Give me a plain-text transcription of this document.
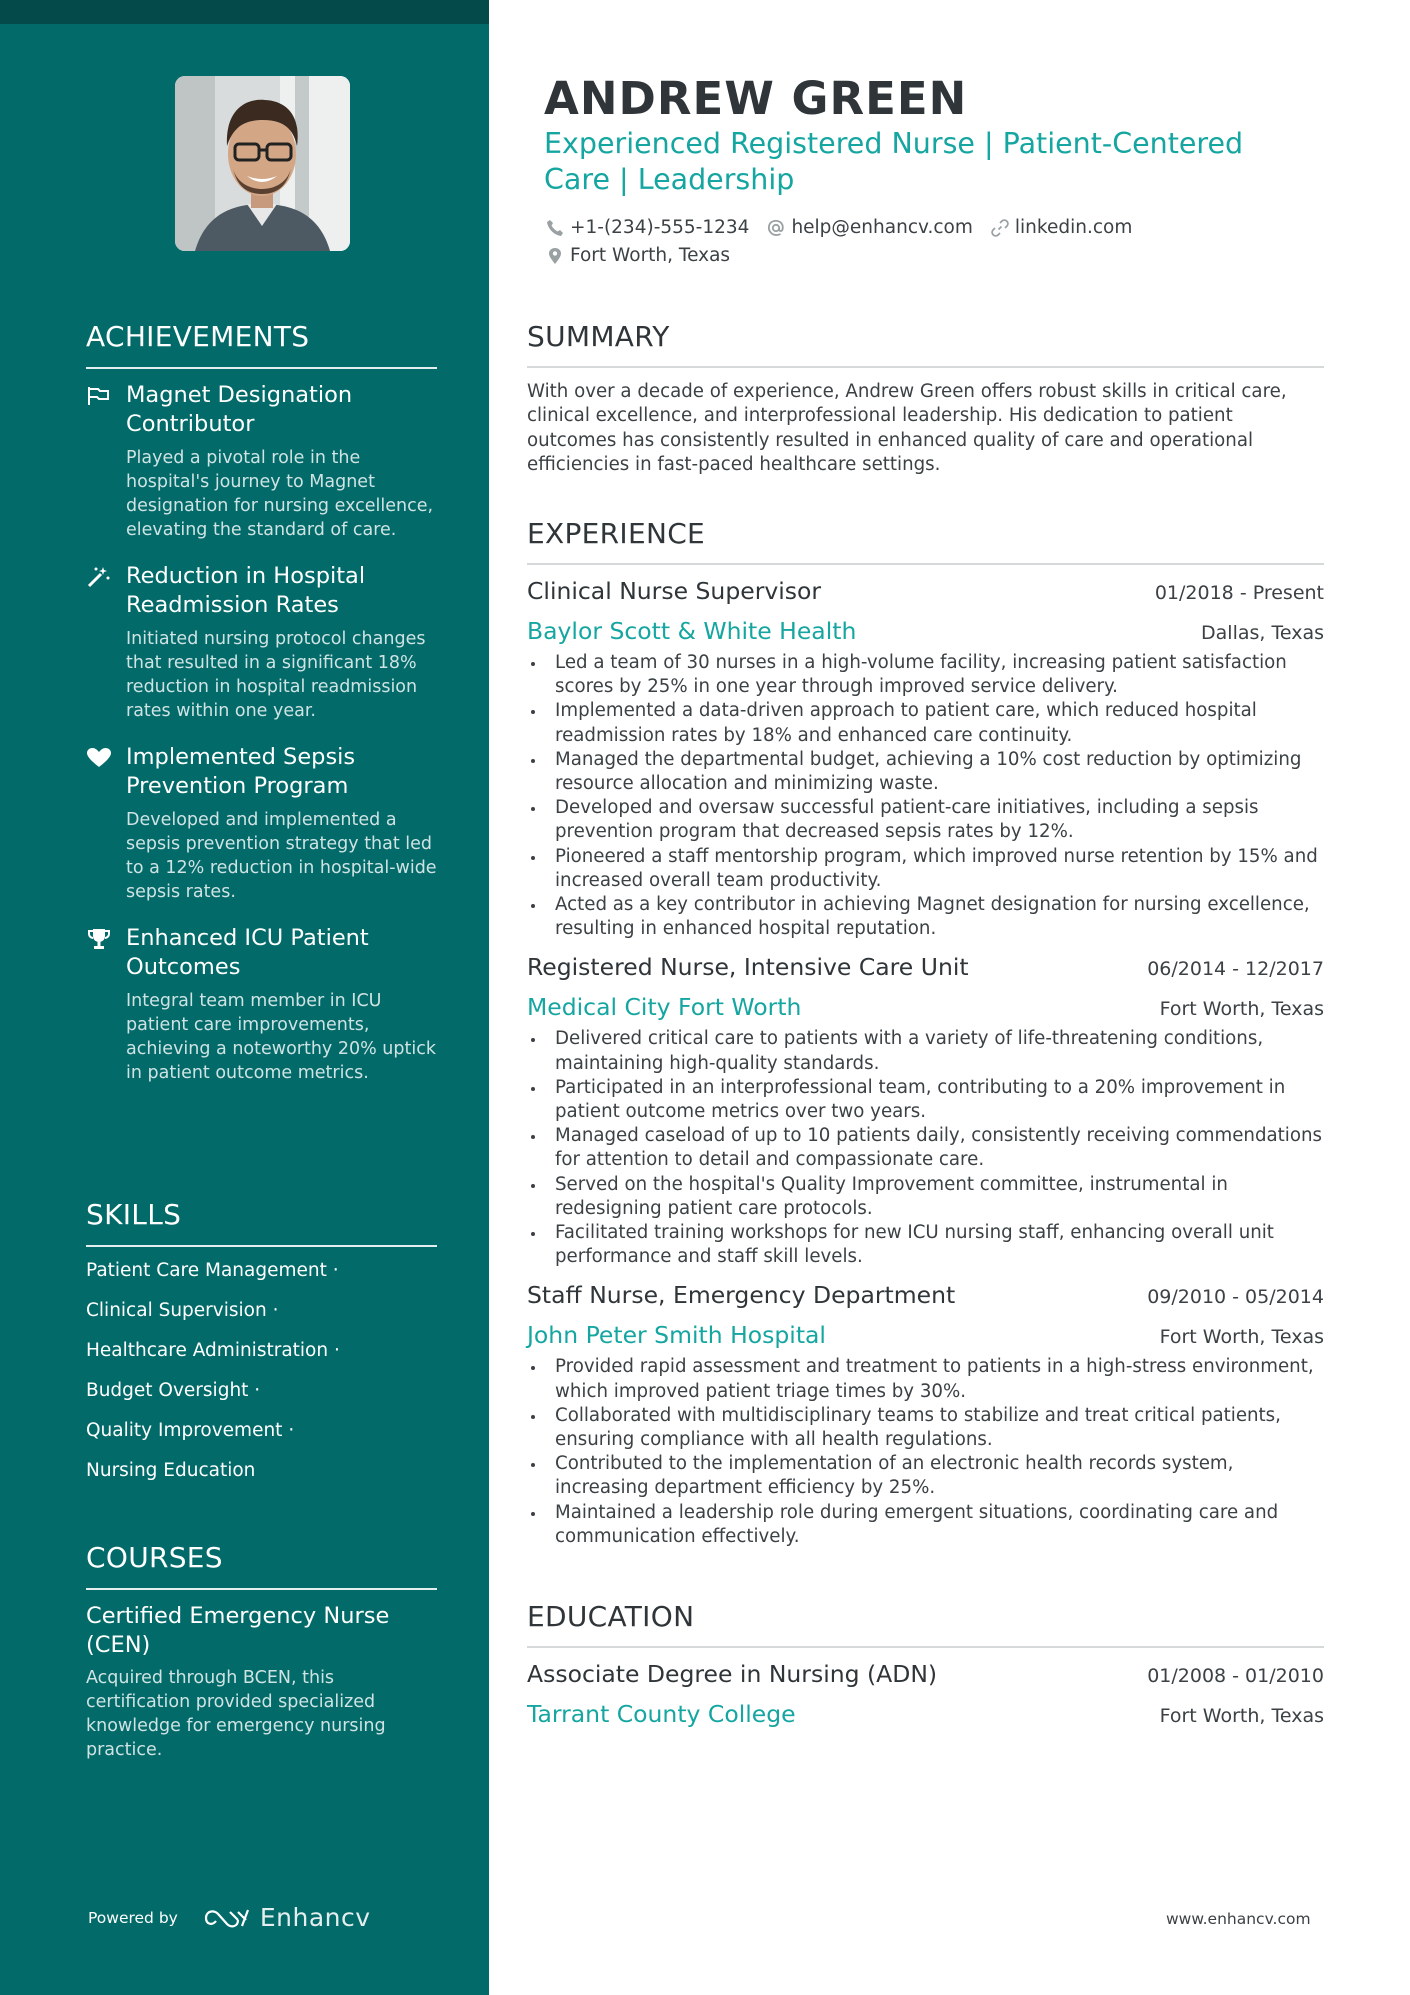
ACHIEVEMENTS
Magnet Designation Contributor
Played a pivotal role in the hospital's journey to Magnet designation for nursing excellence, elevating the standard of care.
Reduction in Hospital Readmission Rates
Initiated nursing protocol changes that resulted in a significant 18% reduction in hospital readmission rates within one year.
Implemented Sepsis Prevention Program
Developed and implemented a sepsis prevention strategy that led to a 12% reduction in hospital-wide sepsis rates.
Enhanced ICU Patient Outcomes
Integral team member in ICU patient care improvements, achieving a noteworthy 20% uptick in patient outcome metrics.
SKILLS
Patient Care Management ·
Clinical Supervision ·
Healthcare Administration ·
Budget Oversight ·
Quality Improvement ·
Nursing Education
COURSES
Certified Emergency Nurse (CEN)
Acquired through BCEN, this certification provided specialized knowledge for emergency nursing practice.
Powered by	Enhancv
ANDREW GREEN
Experienced Registered Nurse | Patient-Centered Care | Leadership
+1-(234)-555-1234 help@enhancv.com linkedin.com
Fort Worth, Texas
SUMMARY

With over a decade of experience, Andrew Green offers robust skills in critical care, clinical excellence, and interprofessional leadership. His dedication to patient outcomes has consistently resulted in enhanced quality of care and operational efficiencies in fast-paced healthcare settings.

EXPERIENCE
Clinical Nurse Supervisor	01/2018 - Present
Baylor Scott & White Health	Dallas, Texas
Led a team of 30 nurses in a high-volume facility, increasing patient satisfaction scores by 25% in one year through improved service delivery.
Implemented a data-driven approach to patient care, which reduced hospital readmission rates by 18% and enhanced care continuity.
Managed the departmental budget, achieving a 10% cost reduction by optimizing resource allocation and minimizing waste.
Developed and oversaw successful patient-care initiatives, including a sepsis prevention program that decreased sepsis rates by 12%.
Pioneered a staff mentorship program, which improved nurse retention by 15% and increased overall team productivity.
Acted as a key contributor in achieving Magnet designation for nursing excellence, resulting in enhanced hospital reputation.
Registered Nurse, Intensive Care Unit	06/2014 - 12/2017
Medical City Fort Worth	Fort Worth, Texas
Delivered critical care to patients with a variety of life-threatening conditions, maintaining high-quality standards.
Participated in an interprofessional team, contributing to a 20% improvement in patient outcome metrics over two years.
Managed caseload of up to 10 patients daily, consistently receiving commendations for attention to detail and compassionate care.
Served on the hospital's Quality Improvement committee, instrumental in redesigning patient care protocols.
Facilitated training workshops for new ICU nursing staff, enhancing overall unit performance and staff skill levels.
Staff Nurse, Emergency Department	09/2010 - 05/2014
John Peter Smith Hospital	Fort Worth, Texas
Provided rapid assessment and treatment to patients in a high-stress environment, which improved patient triage times by 30%.
Collaborated with multidisciplinary teams to stabilize and treat critical patients, ensuring compliance with all health regulations.
Contributed to the implementation of an electronic health records system, increasing department efficiency by 25%.
Maintained a leadership role during emergent situations, coordinating care and communication effectively.
EDUCATION
Associate Degree in Nursing (ADN)	01/2008 - 01/2010
Tarrant County College	Fort Worth, Texas
www.enhancv.com
